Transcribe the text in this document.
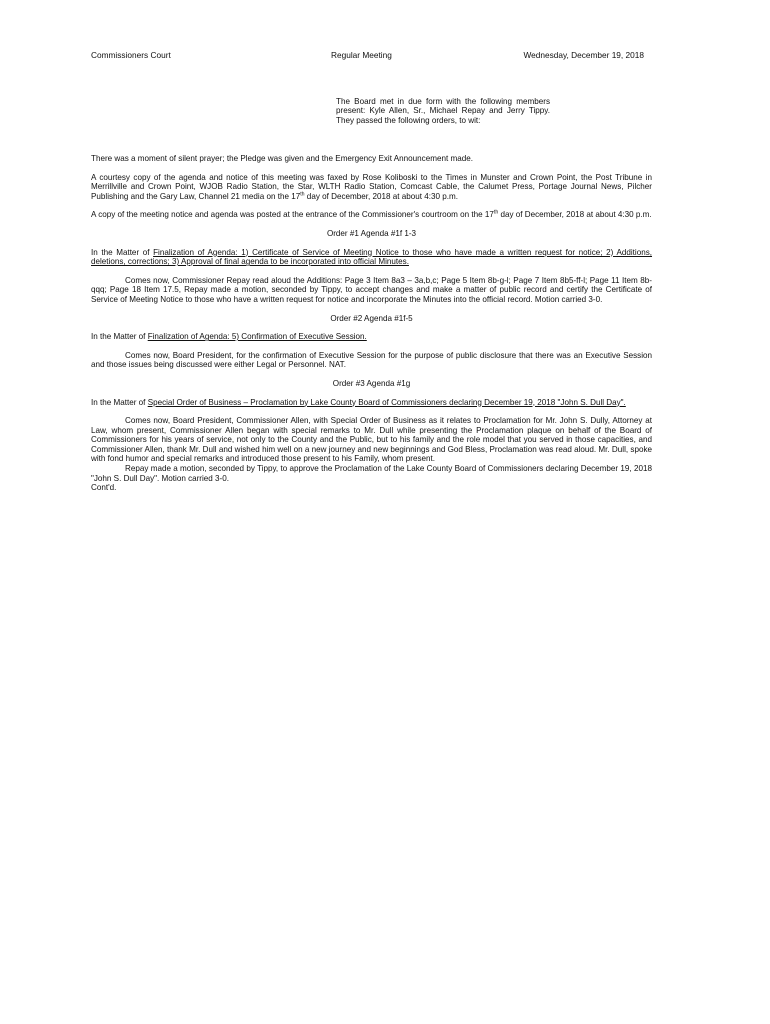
Commissioners Court	Regular Meeting	Wednesday, December 19, 2018
The Board met in due form with the following members present: Kyle Allen, Sr., Michael Repay and Jerry Tippy. They passed the following orders, to wit:

There was a moment of silent prayer; the Pledge was given and the Emergency Exit Announcement made.

A courtesy copy of the agenda and notice of this meeting was faxed by Rose Koliboski to the Times in Munster and Crown Point, the Post Tribune in Merrillville and Crown Point, WJOB Radio Station, the Star, WLTH Radio Station, Comcast Cable, the Calumet Press, Portage Journal News, Pilcher Publishing and the Gary Law, Channel 21 media on the 17th day of December, 2018 at about 4:30 p.m.

A copy of the meeting notice and agenda was posted at the entrance of the Commissioner's courtroom on the 17th day of December, 2018 at about 4:30 p.m.

Order #1 Agenda #1f 1-3

In the Matter of Finalization of Agenda: 1) Certificate of Service of Meeting Notice to those who have made a written request for notice; 2) Additions, deletions, corrections; 3) Approval of final agenda to be incorporated into official Minutes.

Comes now, Commissioner Repay read aloud the Additions: Page 3 Item 8a3 – 3a,b,c; Page 5 Item 8b-g-l; Page 7 Item 8b5-ff-l; Page 11 Item 8b-qqq; Page 18 Item 17.5, Repay made a motion, seconded by Tippy, to accept changes and make a matter of public record and certify the Certificate of Service of Meeting Notice to those who have a written request for notice and incorporate the Minutes into the official record. Motion carried 3-0.

Order #2 Agenda #1f-5

In the Matter of Finalization of Agenda: 5) Confirmation of Executive Session.

Comes now, Board President, for the confirmation of Executive Session for the purpose of public disclosure that there was an Executive Session and those issues being discussed were either Legal or Personnel. NAT.

Order #3 Agenda #1g

In the Matter of Special Order of Business – Proclamation by Lake County Board of Commissioners declaring December 19, 2018 "John S. Dull Day".

Comes now, Board President, Commissioner Allen, with Special Order of Business as it relates to Proclamation for Mr. John S. Dully, Attorney at Law, whom present, Commissioner Allen began with special remarks to Mr. Dull while presenting the Proclamation plaque on behalf of the Board of Commissioners for his years of service, not only to the County and the Public, but to his family and the role model that you served in those capacities, and Commissioner Allen, thank Mr. Dull and wished him well on a new journey and new beginnings and God Bless, Proclamation was read aloud. Mr. Dull, spoke with fond humor and special remarks and introduced those present to his Family, whom present.

Repay made a motion, seconded by Tippy, to approve the Proclamation of the Lake County Board of Commissioners declaring December 19, 2018 "John S. Dull Day". Motion carried 3-0.

Cont'd.
